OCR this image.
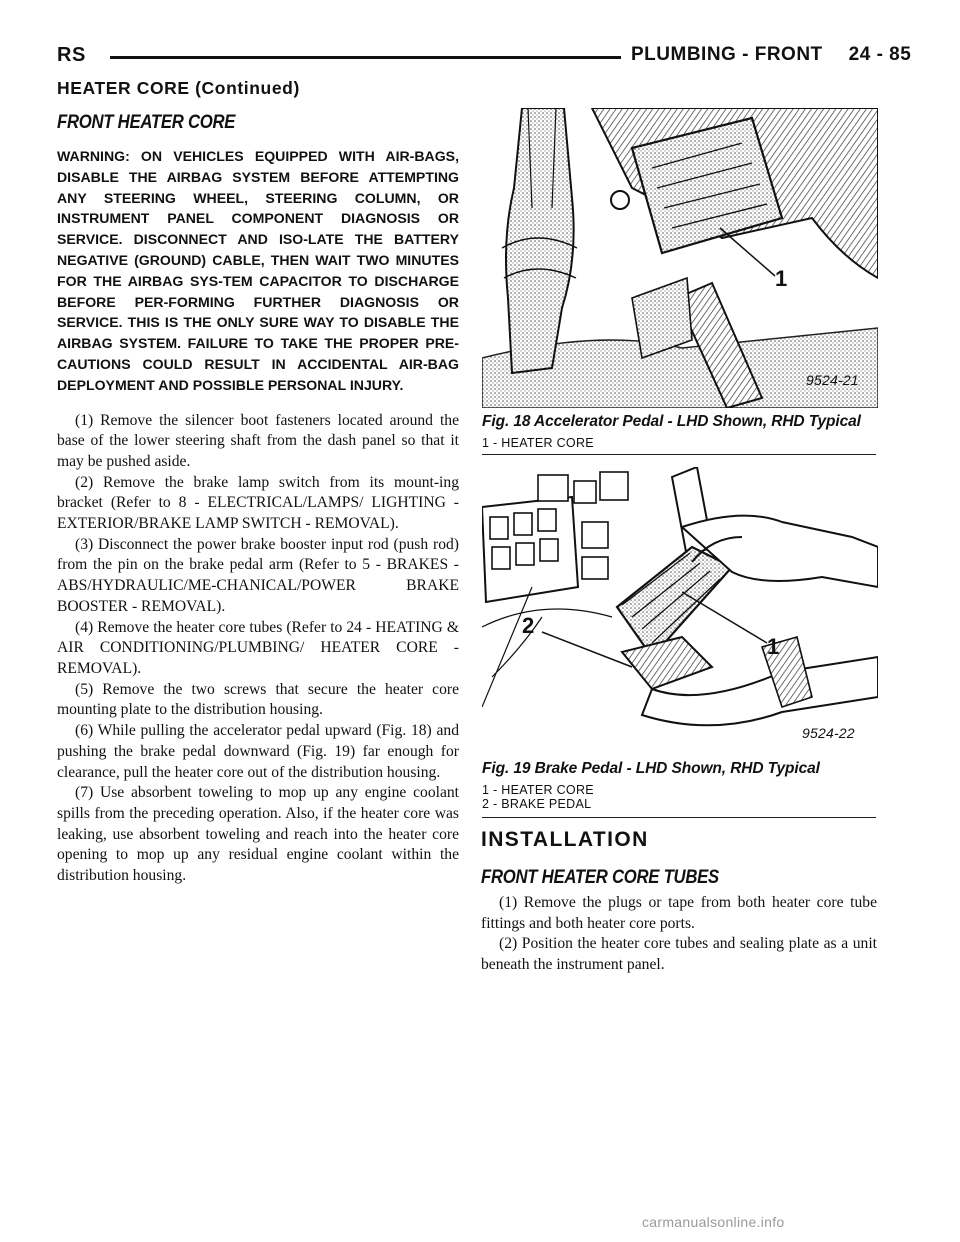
RS	PLUMBING - FRONT 24 - 85
HEATER CORE (Continued)
FRONT HEATER CORE

WARNING: ON VEHICLES EQUIPPED WITH AIR-BAGS, DISABLE THE AIRBAG SYSTEM BEFORE ATTEMPTING ANY STEERING WHEEL, STEERING COLUMN, OR INSTRUMENT PANEL COMPONENT DIAGNOSIS OR SERVICE. DISCONNECT AND ISO-LATE THE BATTERY NEGATIVE (GROUND) CABLE, THEN WAIT TWO MINUTES FOR THE AIRBAG SYS-TEM CAPACITOR TO DISCHARGE BEFORE PER-FORMING FURTHER DIAGNOSIS OR SERVICE. THIS IS THE ONLY SURE WAY TO DISABLE THE AIRBAG SYSTEM. FAILURE TO TAKE THE PROPER PRE-CAUTIONS COULD RESULT IN ACCIDENTAL AIR-BAG DEPLOYMENT AND POSSIBLE PERSONAL INJURY.

(1) Remove the silencer boot fasteners located around the base of the lower steering shaft from the dash panel so that it may be pushed aside.

(2) Remove the brake lamp switch from its mount-ing bracket (Refer to 8 - ELECTRICAL/LAMPS/ LIGHTING - EXTERIOR/BRAKE LAMP SWITCH - REMOVAL).

(3) Disconnect the power brake booster input rod (push rod) from the pin on the brake pedal arm (Refer to 5 - BRAKES - ABS/HYDRAULIC/ME-CHANICAL/POWER BRAKE BOOSTER - REMOVAL).

(4) Remove the heater core tubes (Refer to 24 - HEATING & AIR CONDITIONING/PLUMBING/ HEATER CORE - REMOVAL).

(5) Remove the two screws that secure the heater core mounting plate to the distribution housing.

(6) While pulling the accelerator pedal upward (Fig. 18) and pushing the brake pedal downward (Fig. 19) far enough for clearance, pull the heater core out of the distribution housing.

(7) Use absorbent toweling to mop up any engine coolant spills from the preceding operation. Also, if the heater core was leaking, use absorbent toweling and reach into the heater core opening to mop up any residual engine coolant within the distribution housing.

1
9524-21
Fig. 18 Accelerator Pedal - LHD Shown, RHD Typical
1 - HEATER CORE
1
2
9524-22
Fig. 19 Brake Pedal - LHD Shown, RHD Typical
1 - HEATER CORE
2 - BRAKE PEDAL
INSTALLATION
FRONT HEATER CORE TUBES

(1) Remove the plugs or tape from both heater core tube fittings and both heater core ports.

(2) Position the heater core tubes and sealing plate as a unit beneath the instrument panel.

carmanualsonline.info
